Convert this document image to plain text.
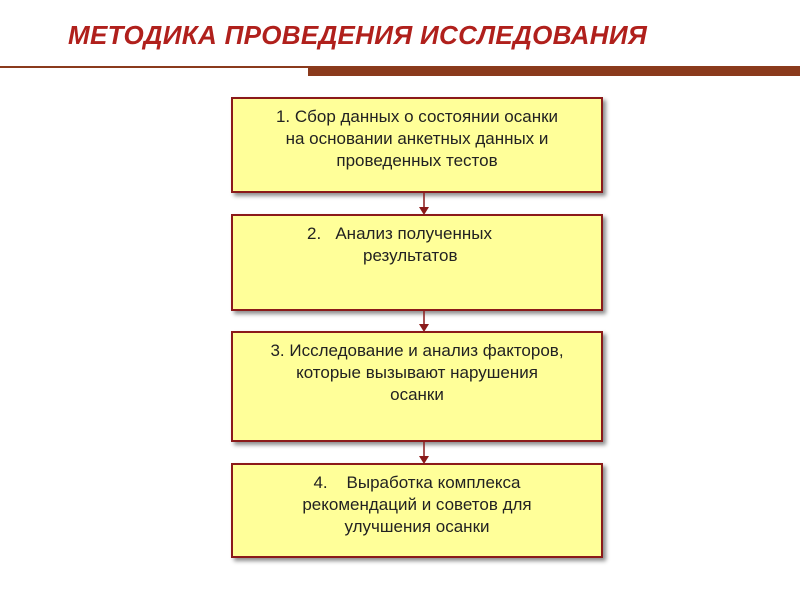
МЕТОДИКА ПРОВЕДЕНИЯ ИССЛЕДОВАНИЯ
1. Сбор данных о состоянии осанки
на основании анкетных данных и
проведенных тестов
2.   Анализ полученных
результатов
3. Исследование и анализ факторов,
которые вызывают нарушения
осанки
4.    Выработка комплекса
рекомендаций и советов для
улучшения осанки
